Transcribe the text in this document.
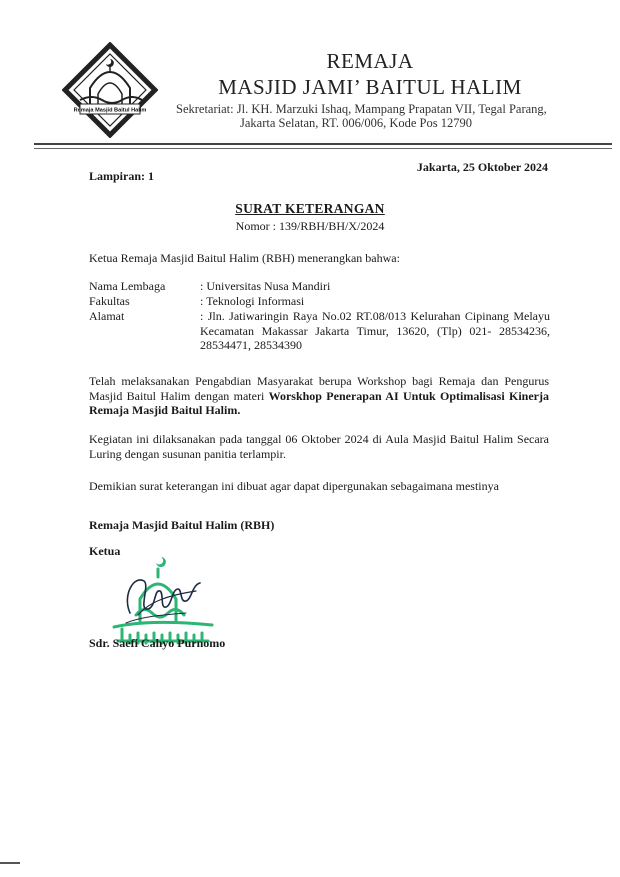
Remaja Masjid Baitul Halim
REMAJA
MASJID JAMI’ BAITUL HALIM
Sekretariat: Jl. KH. Marzuki Ishaq, Mampang Prapatan VII, Tegal Parang,
Jakarta Selatan, RT. 006/006, Kode Pos 12790
Jakarta, 25 Oktober 2024
Lampiran: 1
SURAT KETERANGAN
Nomor : 139/RBH/BH/X/2024
Ketua Remaja Masjid Baitul Halim (RBH) menerangkan bahwa:
Nama Lembaga	: Universitas Nusa Mandiri
Fakultas	: Teknologi Informasi
Alamat	: Jln. Jatiwaringin Raya No.02 RT.08/013 Kelurahan Cipinang Melayu Kecamatan Makassar Jakarta Timur, 13620, (Tlp) 021- 28534236, 28534471, 28534390
Telah melaksanakan Pengabdian Masyarakat berupa Workshop bagi Remaja dan Pengurus Masjid Baitul Halim dengan materi Worskhop Penerapan AI Untuk Optimalisasi Kinerja Remaja Masjid Baitul Halim.
Kegiatan ini dilaksanakan pada tanggal 06 Oktober 2024 di Aula Masjid Baitul Halim Secara Luring dengan susunan panitia terlampir.
Demikian surat keterangan ini dibuat agar dapat dipergunakan sebagaimana mestinya
Remaja Masjid Baitul Halim (RBH)
Ketua
Sdr. Saefi Cahyo Purnomo
